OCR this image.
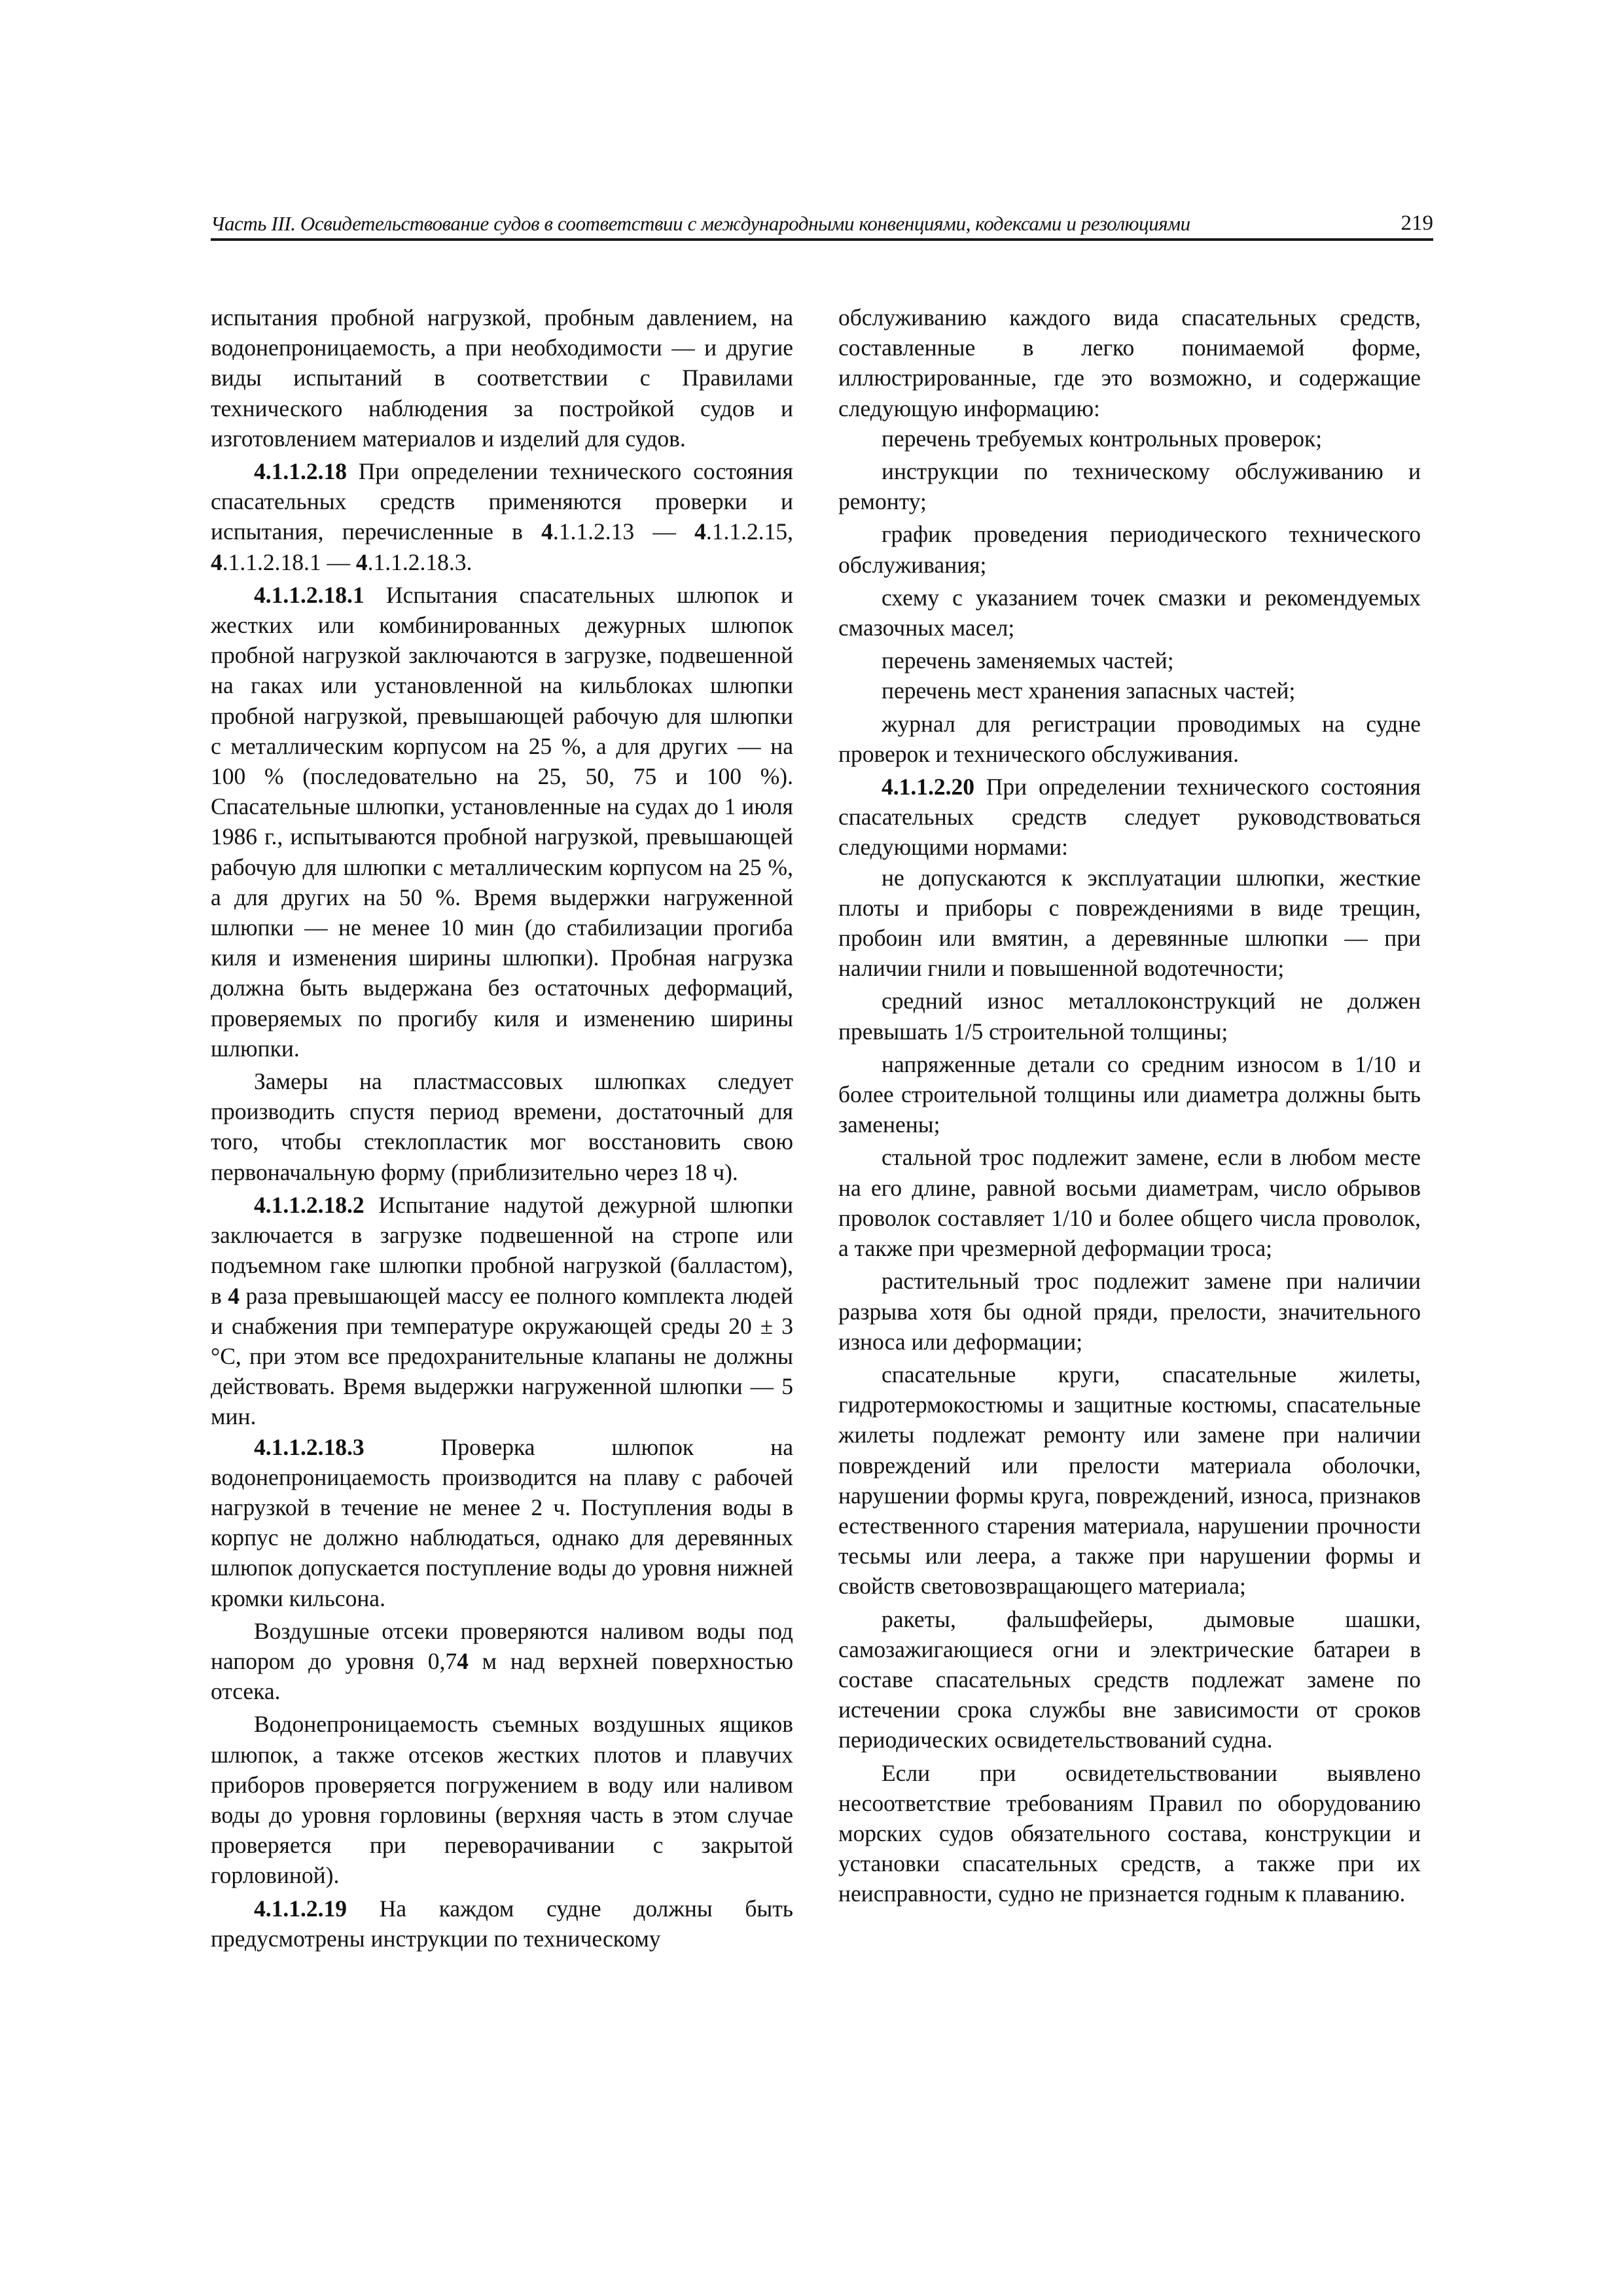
Часть III. Освидетельствование судов в соответствии с международными конвенциями, кодексами и резолюциями	219

испытания пробной нагрузкой, пробным давлением, на водонепроницаемость, а при необходимости — и другие виды испытаний в соответствии с Правилами технического наблюдения за постройкой судов и изготовлением материалов и изделий для судов.

4.1.1.2.18 При определении технического состояния спасательных средств применяются проверки и испытания, перечисленные в 4.1.1.2.13 — 4.1.1.2.15, 4.1.1.2.18.1 — 4.1.1.2.18.3.

4.1.1.2.18.1 Испытания спасательных шлюпок и жестких или комбинированных дежурных шлюпок пробной нагрузкой заключаются в загрузке, подвешенной на гаках или установленной на кильблоках шлюпки пробной нагрузкой, превышающей рабочую для шлюпки с металлическим корпусом на 25 %, а для других — на 100 % (последовательно на 25, 50, 75 и 100 %). Спасательные шлюпки, установленные на судах до 1 июля 1986 г., испытываются пробной нагрузкой, превышающей рабочую для шлюпки с металлическим корпусом на 25 %, а для других на 50 %. Время выдержки нагруженной шлюпки — не менее 10 мин (до стабилизации прогиба киля и изменения ширины шлюпки). Пробная нагрузка должна быть выдержана без остаточных деформаций, проверяемых по прогибу киля и изменению ширины шлюпки.

Замеры на пластмассовых шлюпках следует производить спустя период времени, достаточный для того, чтобы стеклопластик мог восстановить свою первоначальную форму (приблизительно через 18 ч).

4.1.1.2.18.2 Испытание надутой дежурной шлюпки заключается в загрузке подвешенной на стропе или подъемном гаке шлюпки пробной нагрузкой (балластом), в 4 раза превышающей массу ее полного комплекта людей и снабжения при температуре окружающей среды 20 ± 3 °С, при этом все предохранительные клапаны не должны действовать. Время выдержки нагруженной шлюпки — 5 мин.

4.1.1.2.18.3 Проверка шлюпок на водонепроницаемость производится на плаву с рабочей нагрузкой в течение не менее 2 ч. Поступления воды в корпус не должно наблюдаться, однако для деревянных шлюпок допускается поступление воды до уровня нижней кромки кильсона.

Воздушные отсеки проверяются наливом воды под напором до уровня 0,74 м над верхней поверхностью отсека.

Водонепроницаемость съемных воздушных ящиков шлюпок, а также отсеков жестких плотов и плавучих приборов проверяется погружением в воду или наливом воды до уровня горловины (верхняя часть в этом случае проверяется при переворачивании с закрытой горловиной).

4.1.1.2.19 На каждом судне должны быть предусмотрены инструкции по техническому

обслуживанию каждого вида спасательных средств, составленные в легко понимаемой форме, иллюстрированные, где это возможно, и содержащие следующую информацию:

перечень требуемых контрольных проверок;

инструкции по техническому обслуживанию и ремонту;

график проведения периодического технического обслуживания;

схему с указанием точек смазки и рекомендуемых смазочных масел;

перечень заменяемых частей;

перечень мест хранения запасных частей;

журнал для регистрации проводимых на судне проверок и технического обслуживания.

4.1.1.2.20 При определении технического состояния спасательных средств следует руководствоваться следующими нормами:

не допускаются к эксплуатации шлюпки, жесткие плоты и приборы с повреждениями в виде трещин, пробоин или вмятин, а деревянные шлюпки — при наличии гнили и повышенной водотечности;

средний износ металлоконструкций не должен превышать 1/5 строительной толщины;

напряженные детали со средним износом в 1/10 и более строительной толщины или диаметра должны быть заменены;

стальной трос подлежит замене, если в любом месте на его длине, равной восьми диаметрам, число обрывов проволок составляет 1/10 и более общего числа проволок, а также при чрезмерной деформации троса;

растительный трос подлежит замене при наличии разрыва хотя бы одной пряди, прелости, значительного износа или деформации;

спасательные круги, спасательные жилеты, гидротермокостюмы и защитные костюмы, спасательные жилеты подлежат ремонту или замене при наличии повреждений или прелости материала оболочки, нарушении формы круга, повреждений, износа, признаков естественного старения материала, нарушении прочности тесьмы или леера, а также при нарушении формы и свойств световозвращающего материала;

ракеты, фальшфейеры, дымовые шашки, самозажигающиеся огни и электрические батареи в составе спасательных средств подлежат замене по истечении срока службы вне зависимости от сроков периодических освидетельствований судна.

Если при освидетельствовании выявлено несоответствие требованиям Правил по оборудованию морских судов обязательного состава, конструкции и установки спасательных средств, а также при их неисправности, судно не признается годным к плаванию.
